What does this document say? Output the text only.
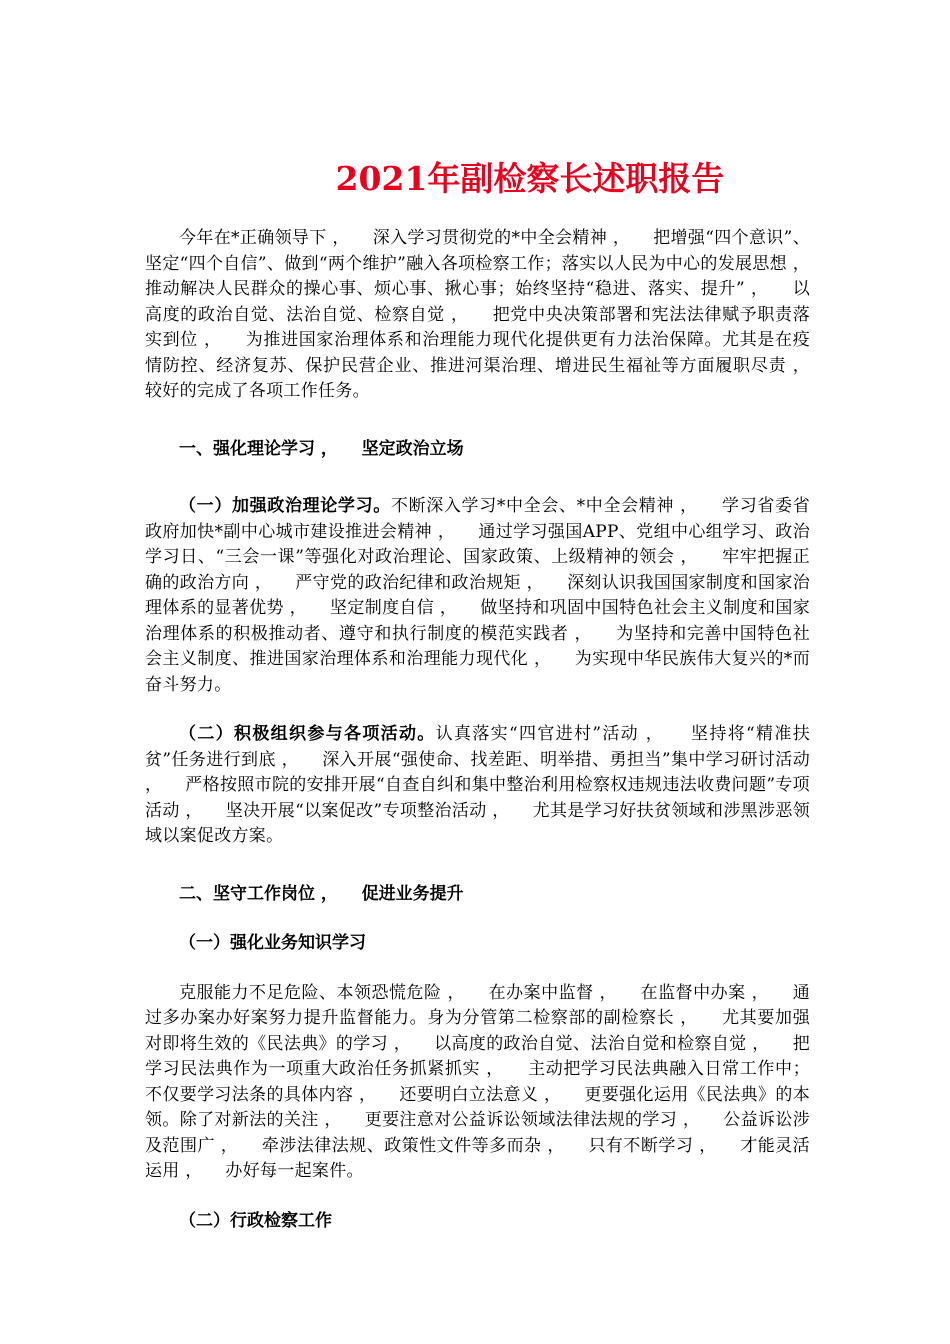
2021年副检察长述职报告

今年在*正确领导下 ，    深入学习贯彻党的*中全会精神 ，    把增强“四个意识”、坚定“四个自信”、做到“两个维护”融入各项检察工作；落实以人民为中心的发展思想 ，    推动解决人民群众的操心事、烦心事、揪心事；始终坚持“稳进、落实、提升” ，    以高度的政治自觉、法治自觉、检察自觉 ，    把党中央决策部署和宪法法律赋予职责落实到位 ，    为推进国家治理体系和治理能力现代化提供更有力法治保障。尤其是在疫情防控、经济复苏、保护民营企业、推进河渠治理、增进民生福祉等方面履职尽责 ，    较好的完成了各项工作任务。

一、强化理论学习 ，    坚定政治立场

（一）加强政治理论学习。不断深入学习*中全会、*中全会精神 ，    学习省委省政府加快*副中心城市建设推进会精神 ，    通过学习强国APP、党组中心组学习、政治学习日、“三会一课”等强化对政治理论、国家政策、上级精神的领会 ，    牢牢把握正确的政治方向 ，    严守党的政治纪律和政治规矩 ，    深刻认识我国国家制度和国家治理体系的显著优势 ，    坚定制度自信 ，    做坚持和巩固中国特色社会主义制度和国家治理体系的积极推动者、遵守和执行制度的模范实践者 ，    为坚持和完善中国特色社会主义制度、推进国家治理体系和治理能力现代化 ，    为实现中华民族伟大复兴的*而奋斗努力。

（二）积极组织参与各项活动。认真落实“四官进村”活动 ，    坚持将“精准扶贫”任务进行到底 ，    深入开展“强使命、找差距、明举措、勇担当”集中学习研讨活动 ，    严格按照市院的安排开展“自查自纠和集中整治利用检察权违规违法收费问题”专项活动 ，    坚决开展“以案促改”专项整治活动 ，    尤其是学习好扶贫领域和涉黑涉恶领域以案促改方案。

二、坚守工作岗位 ，    促进业务提升

（一）强化业务知识学习

克服能力不足危险、本领恐慌危险 ，    在办案中监督 ，    在监督中办案 ，    通过多办案办好案努力提升监督能力。身为分管第二检察部的副检察长 ，    尤其要加强对即将生效的《民法典》的学习 ，    以高度的政治自觉、法治自觉和检察自觉 ，    把学习民法典作为一项重大政治任务抓紧抓实 ，    主动把学习民法典融入日常工作中；不仅要学习法条的具体内容 ，    还要明白立法意义 ，    更要强化运用《民法典》的本领。除了对新法的关注 ，    更要注意对公益诉讼领域法律法规的学习 ，    公益诉讼涉及范围广 ，    牵涉法律法规、政策性文件等多而杂 ，    只有不断学习 ，    才能灵活运用 ，    办好每一起案件。

（二）行政检察工作
